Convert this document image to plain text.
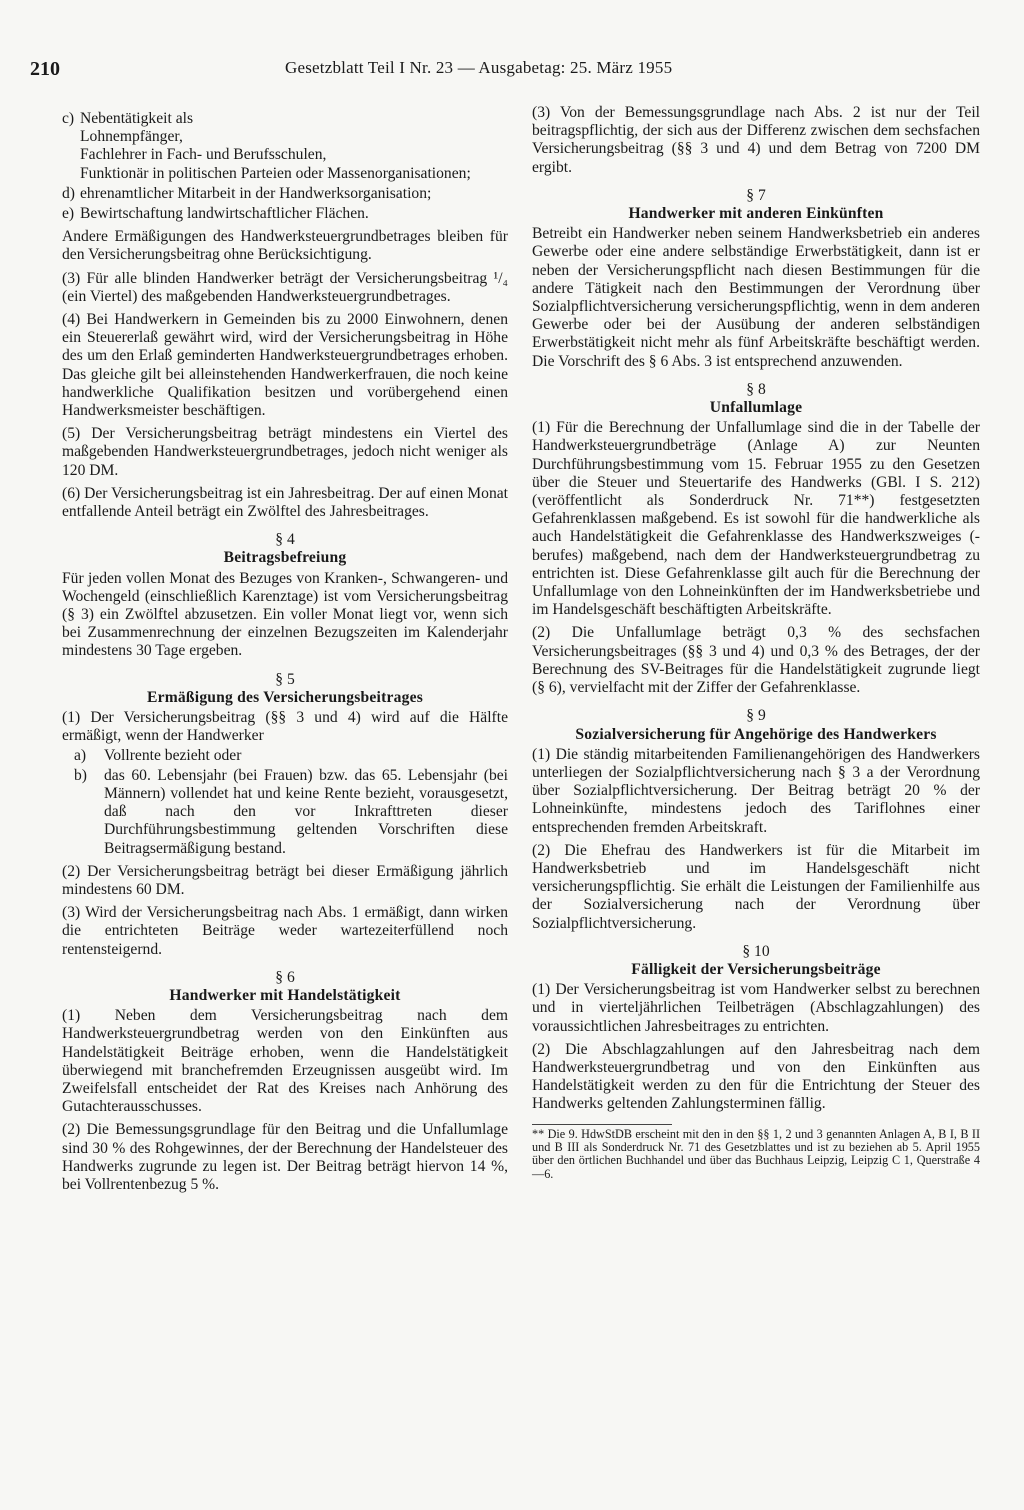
210	Gesetzblatt Teil I Nr. 23 — Ausgabetag: 25. März 1955
c) Nebentätigkeit als
Lohnempfänger,
Fachlehrer in Fach- und Berufsschulen,

Funktionär in politischen Parteien oder Massenorganisationen;
d) ehrenamtlicher Mitarbeit in der Handwerksorganisation;
e) Bewirtschaftung landwirtschaftlicher Flächen.

Andere Ermäßigungen des Handwerksteuergrundbetrages bleiben für den Versicherungsbeitrag ohne Berücksichtigung.

(3) Für alle blinden Handwerker beträgt der Versicherungsbeitrag ¹/₄ (ein Viertel) des maßgebenden Handwerksteuergrundbetrages.

(4) Bei Handwerkern in Gemeinden bis zu 2000 Einwohnern, denen ein Steuererlaß gewährt wird, wird der Versicherungsbeitrag in Höhe des um den Erlaß geminderten Handwerksteuergrundbetrages erhoben. Das gleiche gilt bei alleinstehenden Handwerkerfrauen, die noch keine handwerkliche Qualifikation besitzen und vorübergehend einen Handwerksmeister beschäftigen.

(5) Der Versicherungsbeitrag beträgt mindestens ein Viertel des maßgebenden Handwerksteuergrundbetrages, jedoch nicht weniger als 120 DM.

(6) Der Versicherungsbeitrag ist ein Jahresbeitrag. Der auf einen Monat entfallende Anteil beträgt ein Zwölftel des Jahresbeitrages.

§ 4
Beitragsbefreiung

Für jeden vollen Monat des Bezuges von Kranken-, Schwangeren- und Wochengeld (einschließlich Karenztage) ist vom Versicherungsbeitrag (§ 3) ein Zwölftel abzusetzen. Ein voller Monat liegt vor, wenn sich bei Zusammenrechnung der einzelnen Bezugszeiten im Kalenderjahr mindestens 30 Tage ergeben.

§ 5
Ermäßigung des Versicherungsbeitrages

(1) Der Versicherungsbeitrag (§§ 3 und 4) wird auf die Hälfte ermäßigt, wenn der Handwerker

a)	Vollrente bezieht oder
b)	das 60. Lebensjahr (bei Frauen) bzw. das 65. Lebensjahr (bei Männern) vollendet hat und keine Rente bezieht, vorausgesetzt, daß nach den vor Inkrafttreten dieser Durchführungsbestimmung geltenden Vorschriften diese Beitragsermäßigung bestand.

(2) Der Versicherungsbeitrag beträgt bei dieser Ermäßigung jährlich mindestens 60 DM.

(3) Wird der Versicherungsbeitrag nach Abs. 1 ermäßigt, dann wirken die entrichteten Beiträge weder wartezeiterfüllend noch rentensteigernd.

§ 6
Handwerker mit Handelstätigkeit

(1) Neben dem Versicherungsbeitrag nach dem Handwerksteuergrundbetrag werden von den Einkünften aus Handelstätigkeit Beiträge erhoben, wenn die Handelstätigkeit überwiegend mit branchefremden Erzeugnissen ausgeübt wird. Im Zweifelsfall entscheidet der Rat des Kreises nach Anhörung des Gutachterausschusses.

(2) Die Bemessungsgrundlage für den Beitrag und die Unfallumlage sind 30 % des Rohgewinnes, der der Berechnung der Handelsteuer des Handwerks zugrunde zu legen ist. Der Beitrag beträgt hiervon 14 %, bei Vollrentenbezug 5 %.

(3) Von der Bemessungsgrundlage nach Abs. 2 ist nur der Teil beitragspflichtig, der sich aus der Differenz zwischen dem sechsfachen Versicherungsbeitrag (§§ 3 und 4) und dem Betrag von 7200 DM ergibt.

§ 7
Handwerker mit anderen Einkünften

Betreibt ein Handwerker neben seinem Handwerksbetrieb ein anderes Gewerbe oder eine andere selbständige Erwerbstätigkeit, dann ist er neben der Versicherungspflicht nach diesen Bestimmungen für die andere Tätigkeit nach den Bestimmungen der Verordnung über Sozialpflichtversicherung versicherungspflichtig, wenn in dem anderen Gewerbe oder bei der Ausübung der anderen selbständigen Erwerbstätigkeit nicht mehr als fünf Arbeitskräfte beschäftigt werden. Die Vorschrift des § 6 Abs. 3 ist entsprechend anzuwenden.

§ 8
Unfallumlage

(1) Für die Berechnung der Unfallumlage sind die in der Tabelle der Handwerksteuergrundbeträge (Anlage A) zur Neunten Durchführungsbestimmung vom 15. Februar 1955 zu den Gesetzen über die Steuer und Steuertarife des Handwerks (GBl. I S. 212) (veröffentlicht als Sonderdruck Nr. 71**) festgesetzten Gefahrenklassen maßgebend. Es ist sowohl für die handwerkliche als auch Handelstätigkeit die Gefahrenklasse des Handwerkszweiges (-berufes) maßgebend, nach dem der Handwerksteuergrundbetrag zu entrichten ist. Diese Gefahrenklasse gilt auch für die Berechnung der Unfallumlage von den Lohneinkünften der im Handwerksbetriebe und im Handelsgeschäft beschäftigten Arbeitskräfte.

(2) Die Unfallumlage beträgt 0,3 % des sechsfachen Versicherungsbeitrages (§§ 3 und 4) und 0,3 % des Betrages, der der Berechnung des SV-Beitrages für die Handelstätigkeit zugrunde liegt (§ 6), vervielfacht mit der Ziffer der Gefahrenklasse.

§ 9
Sozialversicherung für Angehörige des Handwerkers

(1) Die ständig mitarbeitenden Familienangehörigen des Handwerkers unterliegen der Sozialpflichtversicherung nach § 3 a der Verordnung über Sozialpflichtversicherung. Der Beitrag beträgt 20 % der Lohneinkünfte, mindestens jedoch des Tariflohnes einer entsprechenden fremden Arbeitskraft.

(2) Die Ehefrau des Handwerkers ist für die Mitarbeit im Handwerksbetrieb und im Handelsgeschäft nicht versicherungspflichtig. Sie erhält die Leistungen der Familienhilfe aus der Sozialversicherung nach der Verordnung über Sozialpflichtversicherung.

§ 10
Fälligkeit der Versicherungsbeiträge

(1) Der Versicherungsbeitrag ist vom Handwerker selbst zu berechnen und in vierteljährlichen Teilbeträgen (Abschlagzahlungen) des voraussichtlichen Jahresbeitrages zu entrichten.

(2) Die Abschlagzahlungen auf den Jahresbeitrag nach dem Handwerksteuergrundbetrag und von den Einkünften aus Handelstätigkeit werden zu den für die Entrichtung der Steuer des Handwerks geltenden Zahlungsterminen fällig.

** Die 9. HdwStDB erscheint mit den in den §§ 1, 2 und 3 genannten Anlagen A, B I, B II und B III als Sonderdruck Nr. 71 des Gesetzblattes und ist zu beziehen ab 5. April 1955 über den örtlichen Buchhandel und über das Buchhaus Leipzig, Leipzig C 1, Querstraße 4—6.
